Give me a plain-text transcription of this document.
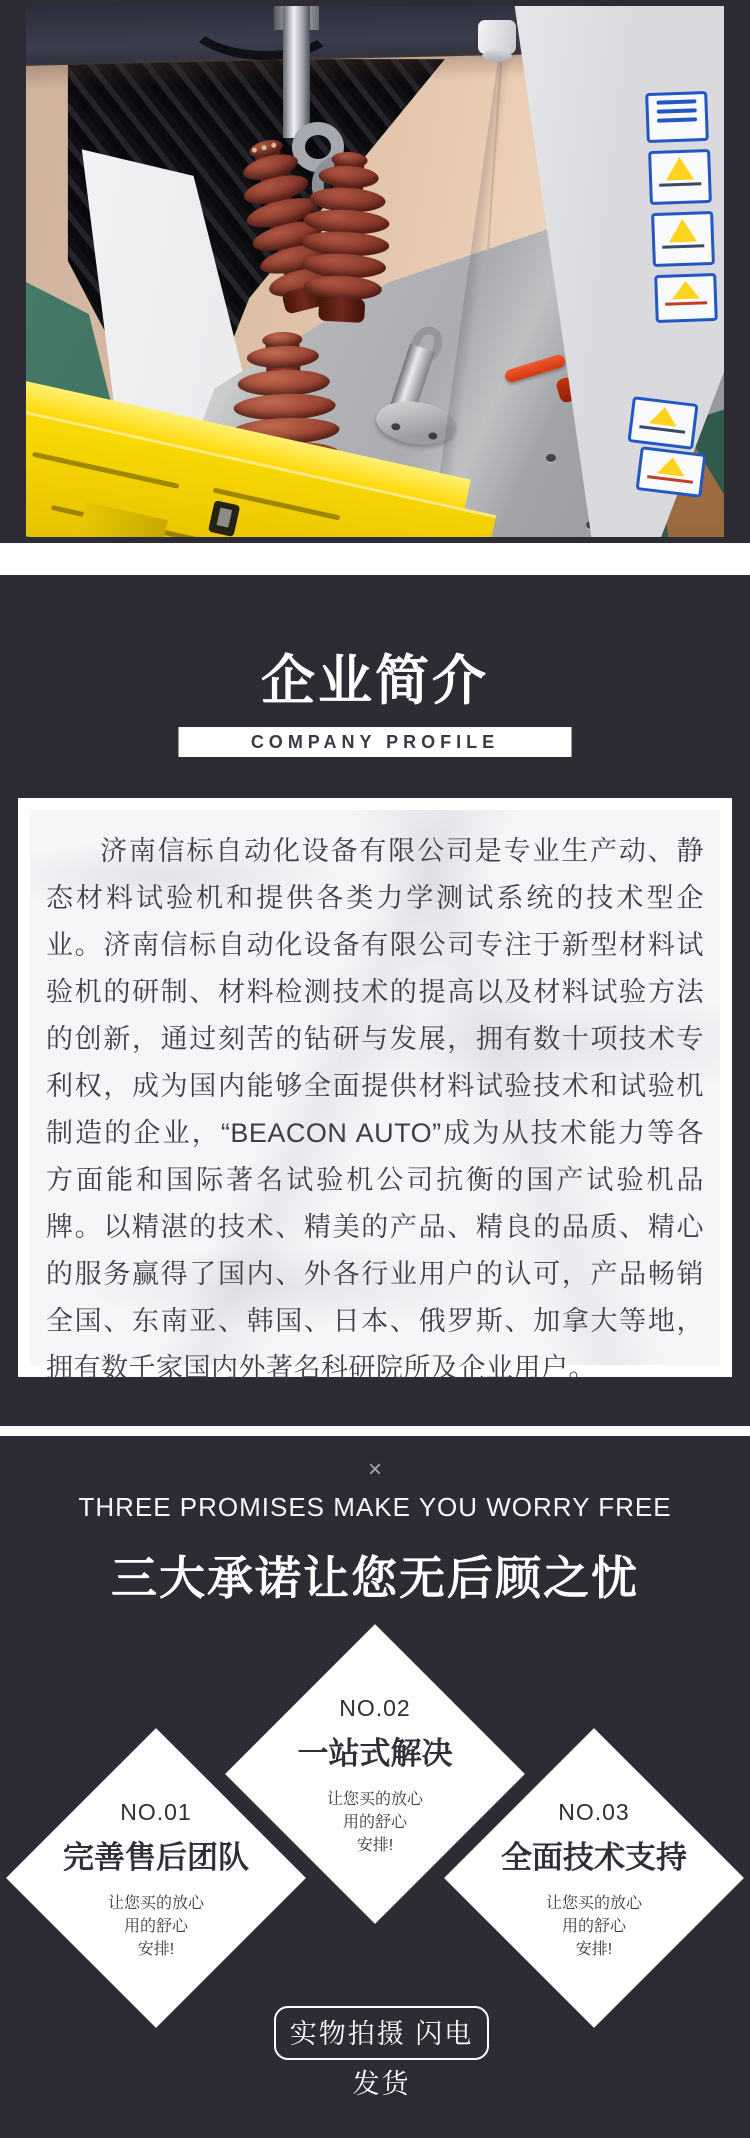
企业简介
COMPANY PROFILE

济南信标自动化设备有限公司是专业生产动、静态材料试验机和提供各类力学测试系统的技术型企业。济南信标自动化设备有限公司专注于新型材料试验机的研制、材料检测技术的提高以及材料试验方法的创新，通过刻苦的钻研与发展，拥有数十项技术专利权，成为国内能够全面提供材料试验技术和试验机制造的企业，“BEACON AUTO”成为从技术能力等各方面能和国际著名试验机公司抗衡的国产试验机品牌。以精湛的技术、精美的产品、精良的品质、精心的服务赢得了国内、外各行业用户的认可，产品畅销全国、东南亚、韩国、日本、俄罗斯、加拿大等地，拥有数千家国内外著名科研院所及企业用户。

×
THREE PROMISES MAKE YOU WORRY FREE
三大承诺让您无后顾之忧
NO.01
完善售后团队
让您买的放心
用的舒心
安排!
NO.02
一站式解决
让您买的放心
用的舒心
安排!
NO.03
全面技术支持
让您买的放心
用的舒心
安排!
实物拍摄 闪电发货
